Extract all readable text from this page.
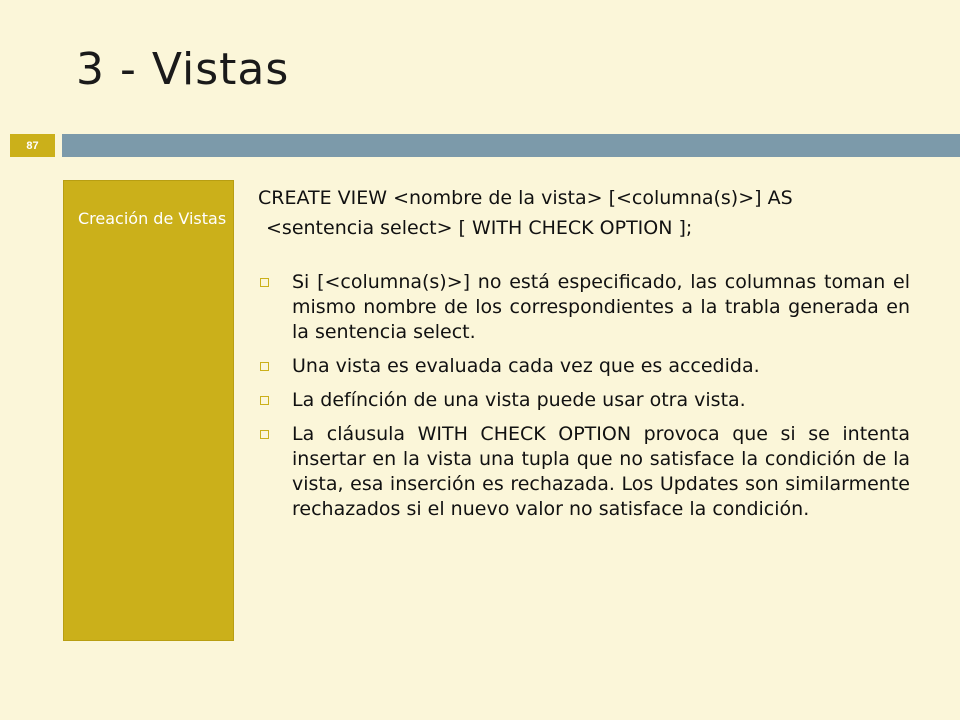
3 - Vistas
87
Creación de Vistas
CREATE VIEW <nombre de la vista> [<columna(s)>] AS
<sentencia select> [ WITH CHECK OPTION ];
Si [<columna(s)>] no está especificado, las columnas toman el mismo nombre de los correspondientes a la trabla generada en la sentencia select.
Una vista es evaluada cada vez que es accedida.
La defínción de una vista puede usar otra vista.
La cláusula WITH CHECK OPTION provoca que si se intenta insertar en la vista una tupla que no satisface la condición de la vista, esa inserción es rechazada. Los Updates son similarmente rechazados si el nuevo valor no satisface la condición.
